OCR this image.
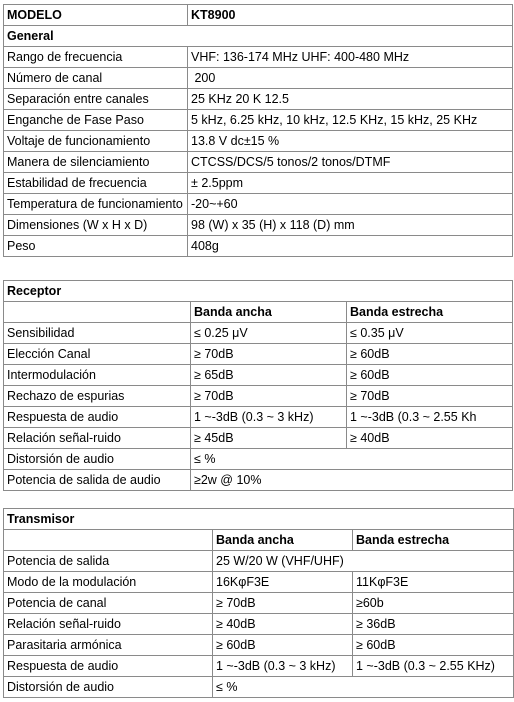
MODELO	KT8900
General	
Rango de frecuencia	VHF: 136-174 MHz UHF: 400-480 MHz
Número de canal	200
Separación entre canales	25 KHz 20 K 12.5
Enganche de Fase Paso	5 kHz, 6.25 kHz, 10 kHz, 12.5 KHz, 15 kHz, 25 KHz
Voltaje de funcionamiento	13.8 V dc±15 %
Manera de silenciamiento	CTCSS/DCS/5 tonos/2 tonos/DTMF
Estabilidad de frecuencia	± 2.5ppm
Temperatura de funcionamiento	-20~+60
Dimensiones (W x H x D)	98 (W) x 35 (H) x 118 (D) mm
Peso	408g
Receptor		
	Banda ancha	Banda estrecha
Sensibilidad	≤ 0.25 μV	≤ 0.35 μV
Elección Canal	≥ 70dB	≥ 60dB
Intermodulación	≥ 65dB	≥ 60dB
Rechazo de espurias	≥ 70dB	≥ 70dB
Respuesta de audio	1 ~-3dB (0.3 ~ 3 kHz)	1 ~-3dB (0.3 ~ 2.55 Kh
Relación señal-ruido	≥ 45dB	≥ 40dB
Distorsión de audio	≤ %	
Potencia de salida de audio	≥2w @ 10%	
Transmisor		
	Banda ancha	Banda estrecha
Potencia de salida	25 W/20 W (VHF/UHF)	
Modo de la modulación	16KφF3E	11KφF3E
Potencia de canal	≥ 70dB	≥60b
Relación señal-ruido	≥ 40dB	≥ 36dB
Parasitaria armónica	≥ 60dB	≥ 60dB
Respuesta de audio	1 ~-3dB (0.3 ~ 3 kHz)	1 ~-3dB (0.3 ~ 2.55 KHz)
Distorsión de audio	≤ %	
